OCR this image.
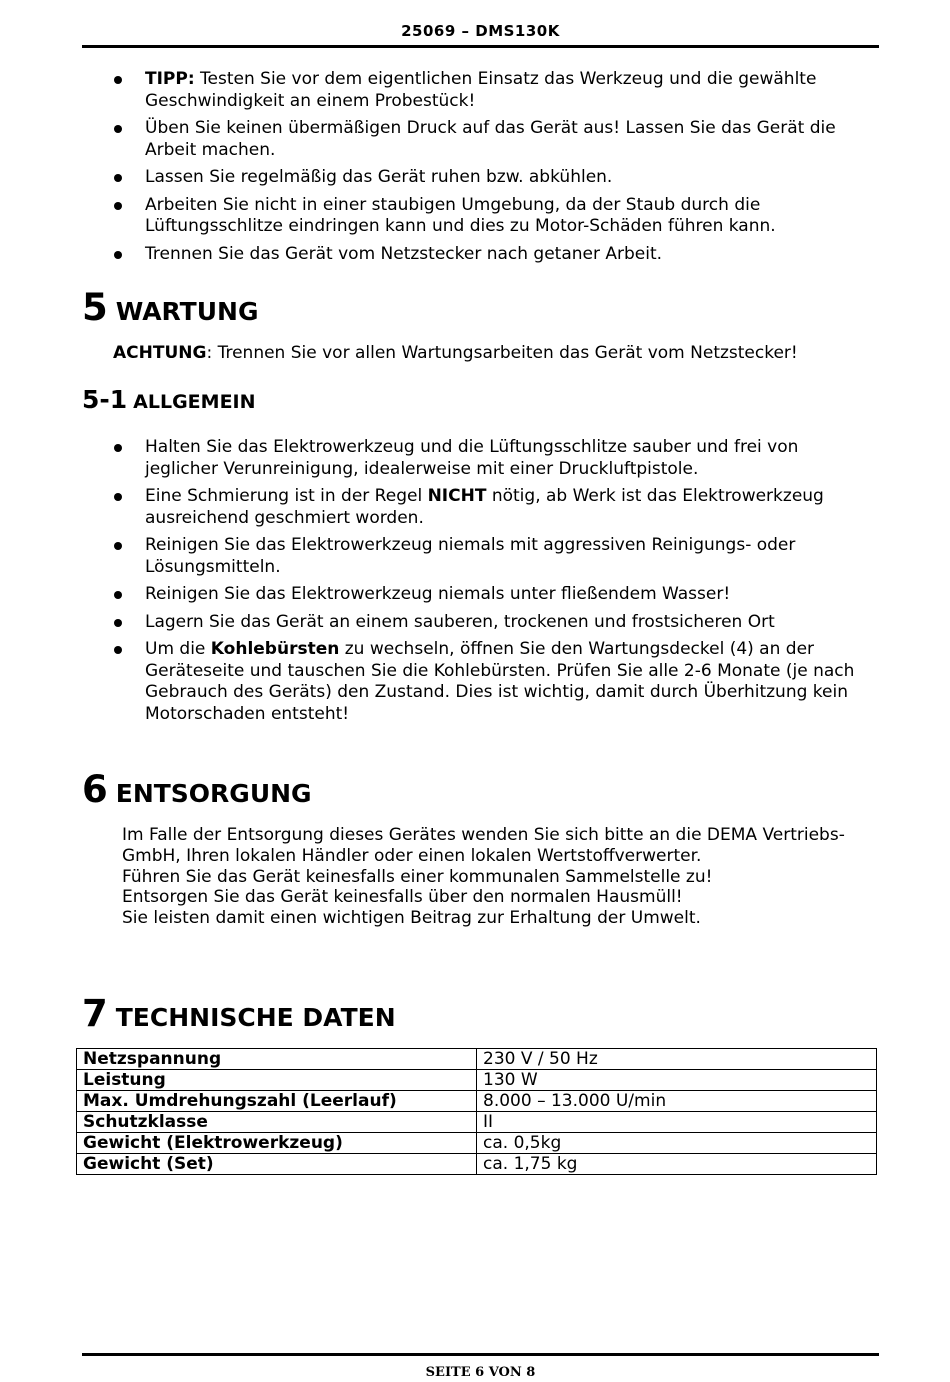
25069 – DMS130K
TIPP: Testen Sie vor dem eigentlichen Einsatz das Werkzeug und die gewählte Geschwindigkeit an einem Probestück!
Üben Sie keinen übermäßigen Druck auf das Gerät aus! Lassen Sie das Gerät die Arbeit machen.
Lassen Sie regelmäßig das Gerät ruhen bzw. abkühlen.
Arbeiten Sie nicht in einer staubigen Umgebung, da der Staub durch die Lüftungsschlitze eindringen kann und dies zu Motor-Schäden führen kann.
Trennen Sie das Gerät vom Netzstecker nach getaner Arbeit.
5 WARTUNG
ACHTUNG: Trennen Sie vor allen Wartungsarbeiten das Gerät vom Netzstecker!
5-1 ALLGEMEIN
Halten Sie das Elektrowerkzeug und die Lüftungsschlitze sauber und frei von jeglicher Verunreinigung, idealerweise mit einer Druckluftpistole.
Eine Schmierung ist in der Regel NICHT nötig, ab Werk ist das Elektrowerkzeug ausreichend geschmiert worden.
Reinigen Sie das Elektrowerkzeug niemals mit aggressiven Reinigungs- oder Lösungsmitteln.
Reinigen Sie das Elektrowerkzeug niemals unter fließendem Wasser!
Lagern Sie das Gerät an einem sauberen, trockenen und frostsicheren Ort
Um die Kohlebürsten zu wechseln, öffnen Sie den Wartungsdeckel (4) an der Geräteseite und tauschen Sie die Kohlebürsten. Prüfen Sie alle 2-6 Monate (je nach Gebrauch des Geräts) den Zustand. Dies ist wichtig, damit durch Überhitzung kein Motorschaden entsteht!
6 ENTSORGUNG
Im Falle der Entsorgung dieses Gerätes wenden Sie sich bitte an die DEMA Vertriebs-
GmbH, Ihren lokalen Händler oder einen lokalen Wertstoffverwerter.
Führen Sie das Gerät keinesfalls einer kommunalen Sammelstelle zu!
Entsorgen Sie das Gerät keinesfalls über den normalen Hausmüll!
Sie leisten damit einen wichtigen Beitrag zur Erhaltung der Umwelt.
7 TECHNISCHE DATEN
Netzspannung	230 V / 50 Hz
Leistung	130 W
Max. Umdrehungszahl (Leerlauf)	8.000 – 13.000 U/min
Schutzklasse	II
Gewicht (Elektrowerkzeug)	ca. 0,5kg
Gewicht (Set)	ca. 1,75 kg
SEITE 6 VON 8
